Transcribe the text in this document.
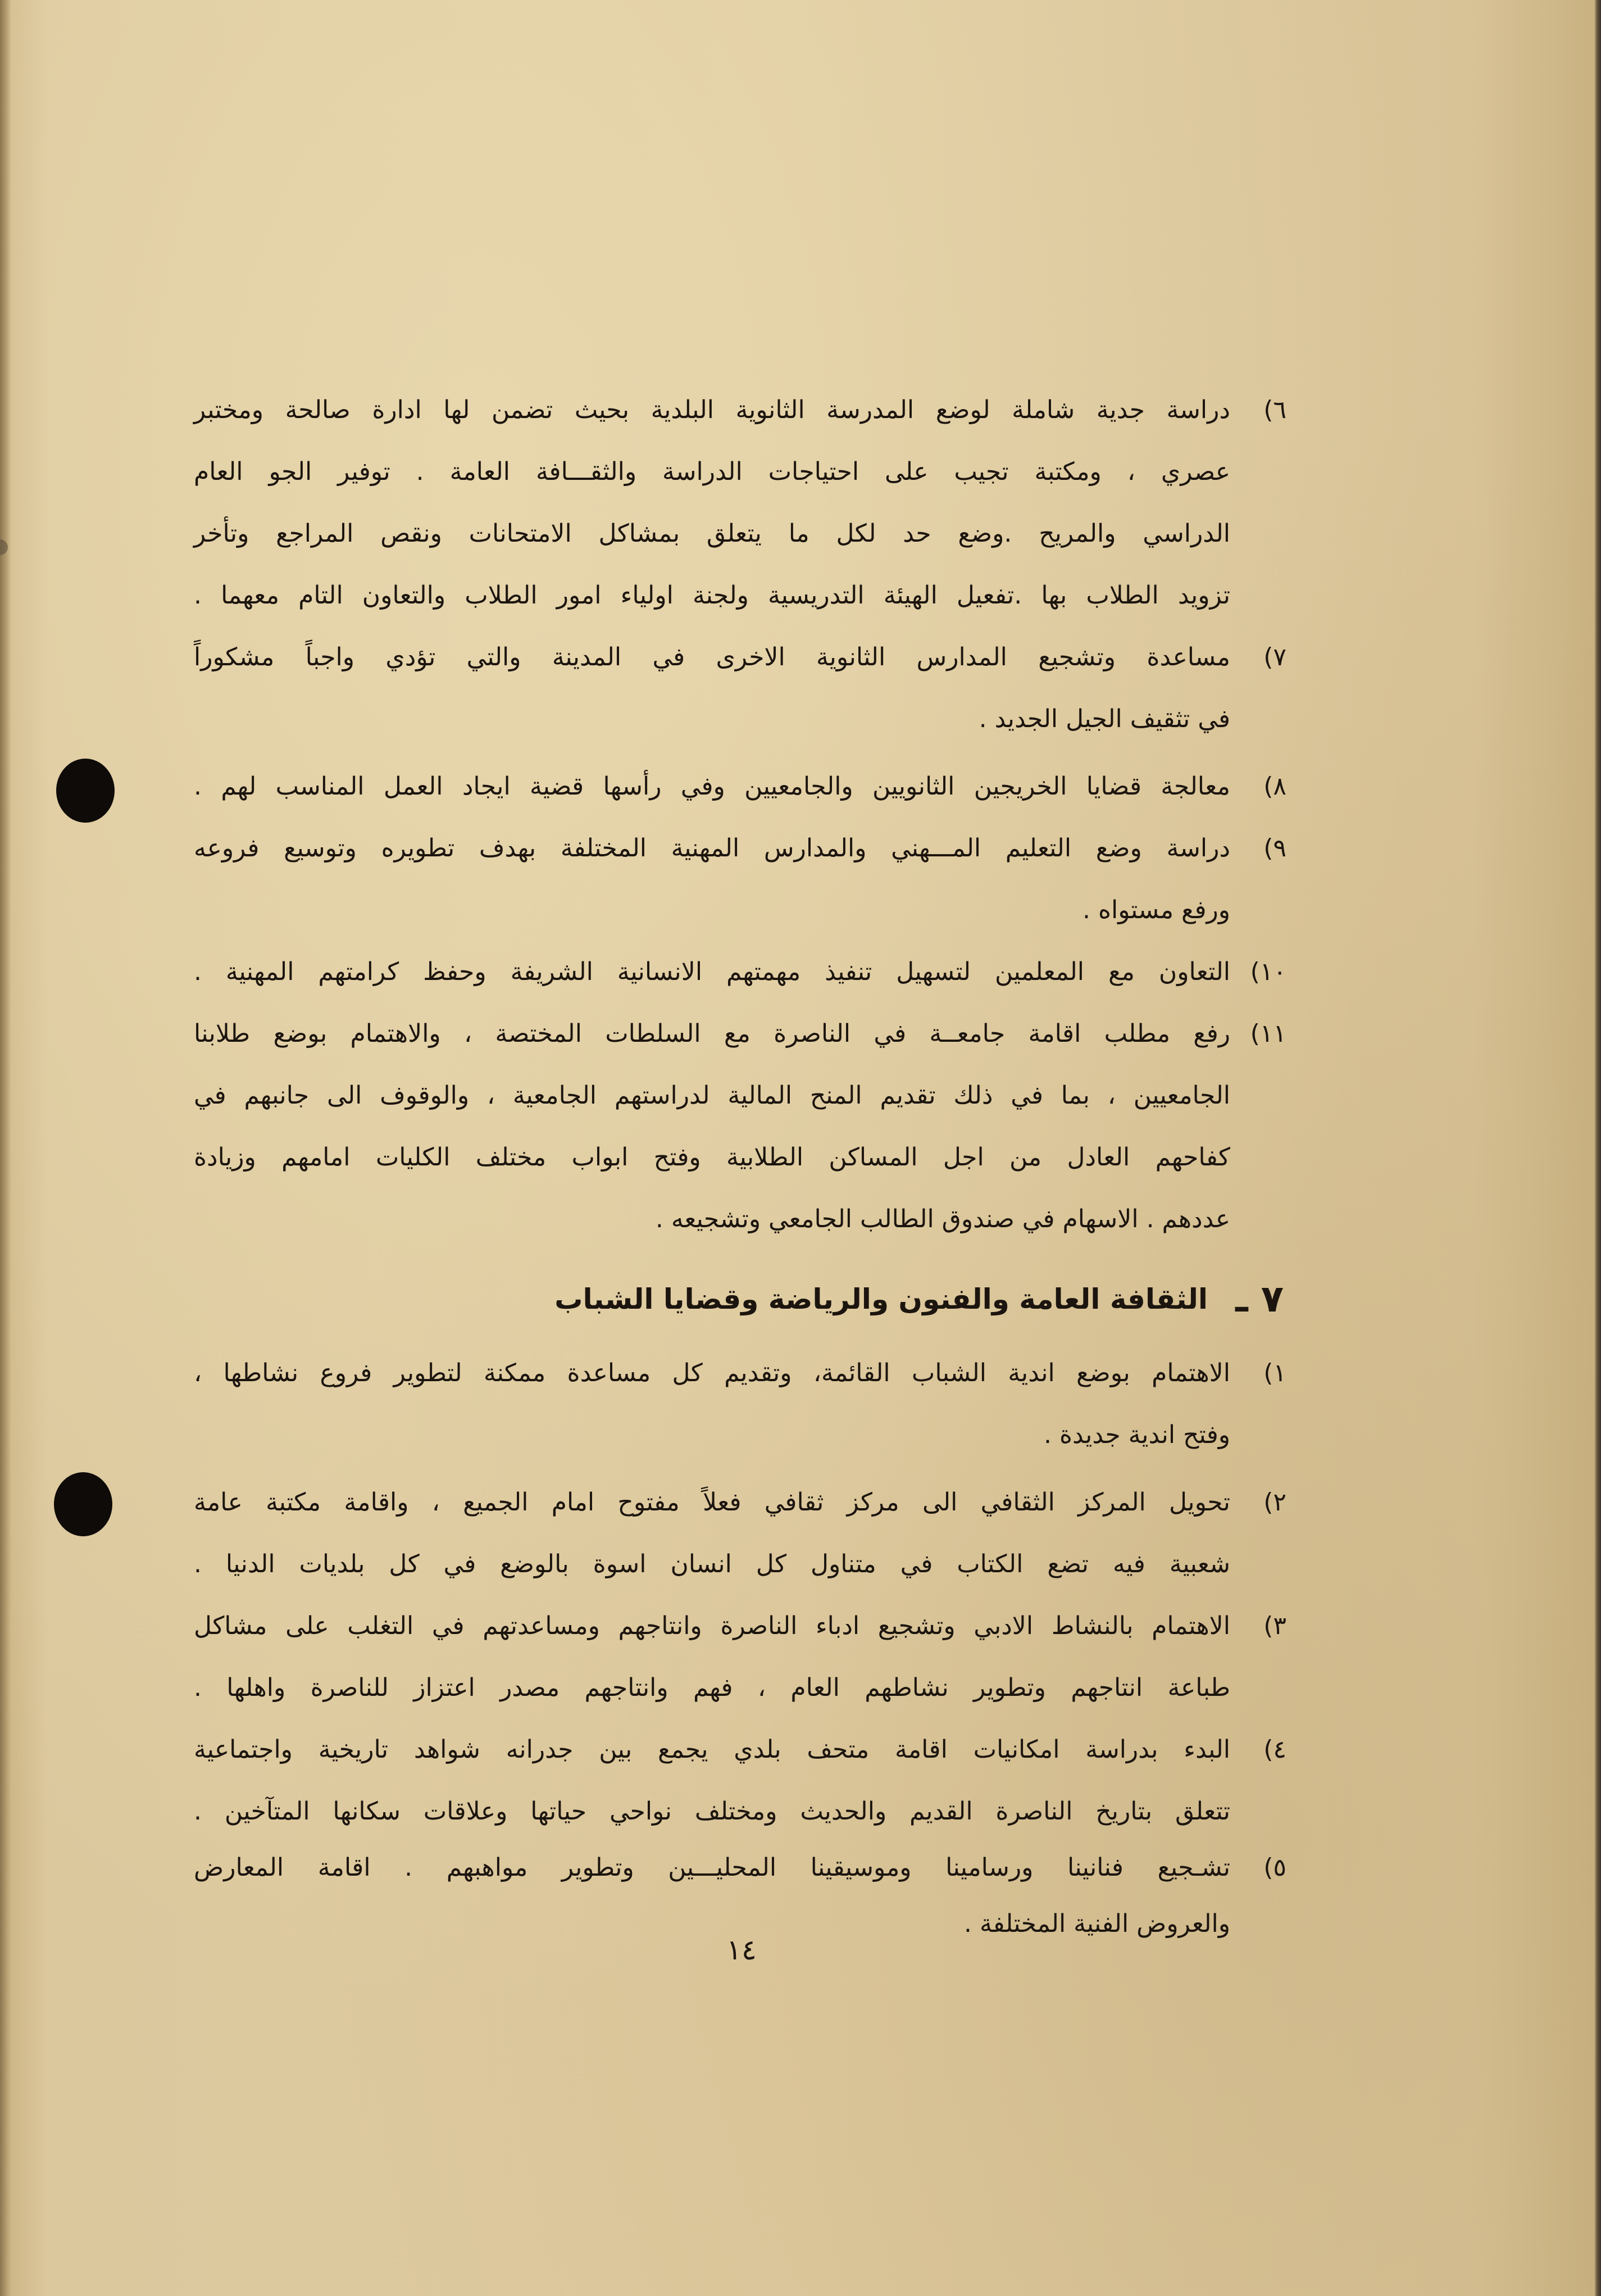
٦)
دراسة جدية شاملة لوضع المدرسة الثانوية البلدية بحيث تضمن لها ادارة صالحة ومختبر
عصري ، ومكتبة تجيب على احتياجات الدراسة والثقـــافة العامة . توفير الجو العام
الدراسي والمريح .وضع حد لكل ما يتعلق بمشاكل الامتحانات ونقص المراجع وتأخر
تزويد الطلاب بها .تفعيل الهيئة التدريسية ولجنة اولياء امور الطلاب والتعاون التام معهما .
٧)
مساعدة وتشجيع المدارس الثانوية الاخرى في المدينة والتي تؤدي واجباً مشكوراً
في تثقيف الجيل الجديد .
٨)
معالجة قضايا الخريجين الثانويين والجامعيين وفي رأسها قضية ايجاد العمل المناسب لهم .
٩)
دراسة وضع التعليم المـــهني والمدارس المهنية المختلفة بهدف تطويره وتوسيع فروعه
ورفع مستواه .
١٠)
التعاون مع المعلمين لتسهيل تنفيذ مهمتهم الانسانية الشريفة وحفظ كرامتهم المهنية .
١١)
رفع مطلب اقامة جامعــة في الناصرة مع السلطات المختصة ، والاهتمام بوضع طلابنا
الجامعيين ، بما في ذلك تقديم المنح المالية لدراستهم الجامعية ، والوقوف الى جانبهم في
كفاحهم العادل من اجل المساكن الطلابية وفتح ابواب مختلف الكليات امامهم وزيادة
عددهم . الاسهام في صندوق الطالب الجامعي وتشجيعه .
٧ ـ
الثقافة العامة والفنون والرياضة وقضايا الشباب
١)
الاهتمام بوضع اندية الشباب القائمة، وتقديم كل مساعدة ممكنة لتطوير فروع نشاطها ،
وفتح اندية جديدة .
٢)
تحويل المركز الثقافي الى مركز ثقافي فعلاً مفتوح امام الجميع ، واقامة مكتبة عامة
شعبية فيه تضع الكتاب في متناول كل انسان اسوة بالوضع في كل بلديات الدنيا .
٣)
الاهتمام بالنشاط الادبي وتشجيع ادباء الناصرة وانتاجهم ومساعدتهم في التغلب على مشاكل
طباعة انتاجهم وتطوير نشاطهم العام ، فهم وانتاجهم مصدر اعتزاز للناصرة واهلها .
٤)
البدء بدراسة امكانيات اقامة متحف بلدي يجمع بين جدرانه شواهد تاريخية واجتماعية
تتعلق بتاريخ الناصرة القديم والحديث ومختلف نواحي حياتها وعلاقات سكانها المتآخين .
٥)
تشـجيع فنانينا ورسامينا وموسيقينا المحليـــين وتطوير مواهبهم . اقامة المعارض
والعروض الفنية المختلفة .
١٤
